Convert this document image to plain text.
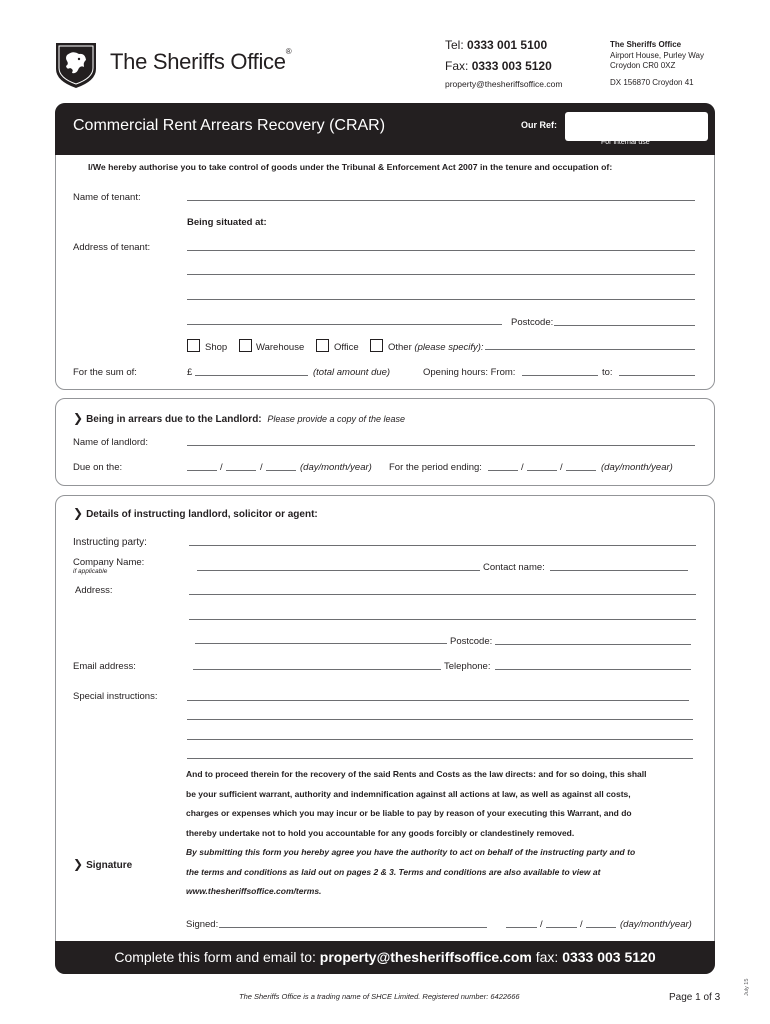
The Sheriffs Office®	Tel: 0333 001 5100
Fax: 0333 003 5120
property@thesheriffsoffice.com
The Sheriffs Office
Airport House, Purley Way
Croydon CR0 0XZ
DX 156870 Croydon 41
Commercial Rent Arrears Recovery (CRAR)	Our Ref:
For internal use
I/We hereby authorise you to take control of goods under the Tribunal & Enforcement Act 2007 in the tenure and occupation of:
Name of tenant:
Being situated at:
Address of tenant:
Postcode:
Shop	Warehouse	Office	Other (please specify):
For the sum of:	£	(total amount due)	Opening hours: From:	to:
❯ Being in arrears due to the Landlord: Please provide a copy of the lease
Name of landlord:
Due on the:	/	/	(day/month/year) For the period ending:	/	/	(day/month/year)
❯ Details of instructing landlord, solicitor or agent:
Instructing party:
Company Name:
if applicable	Contact name:
Address:
Postcode:
Email address:	Telephone:
Special instructions:
And to proceed therein for the recovery of the said Rents and Costs as the law directs: and for so doing, this shall
be your sufficient warrant, authority and indemnification against all actions at law, as well as against all costs,
charges or expenses which you may incur or be liable to pay by reason of your executing this Warrant, and do
thereby undertake not to hold you accountable for any goods forcibly or clandestinely removed.
By submitting this form you hereby agree you have the authority to act on behalf of the instructing party and to
the terms and conditions as laid out on pages 2 & 3. Terms and conditions are also available to view at
www.thesheriffsoffice.com/terms.
❯ Signature
Signed:	/	/	(day/month/year)
Complete this form and email to: property@thesheriffsoffice.com fax: 0333 003 5120
The Sheriffs Office is a trading name of SHCE Limited. Registered number: 6422666	Page 1 of 3
July 15
